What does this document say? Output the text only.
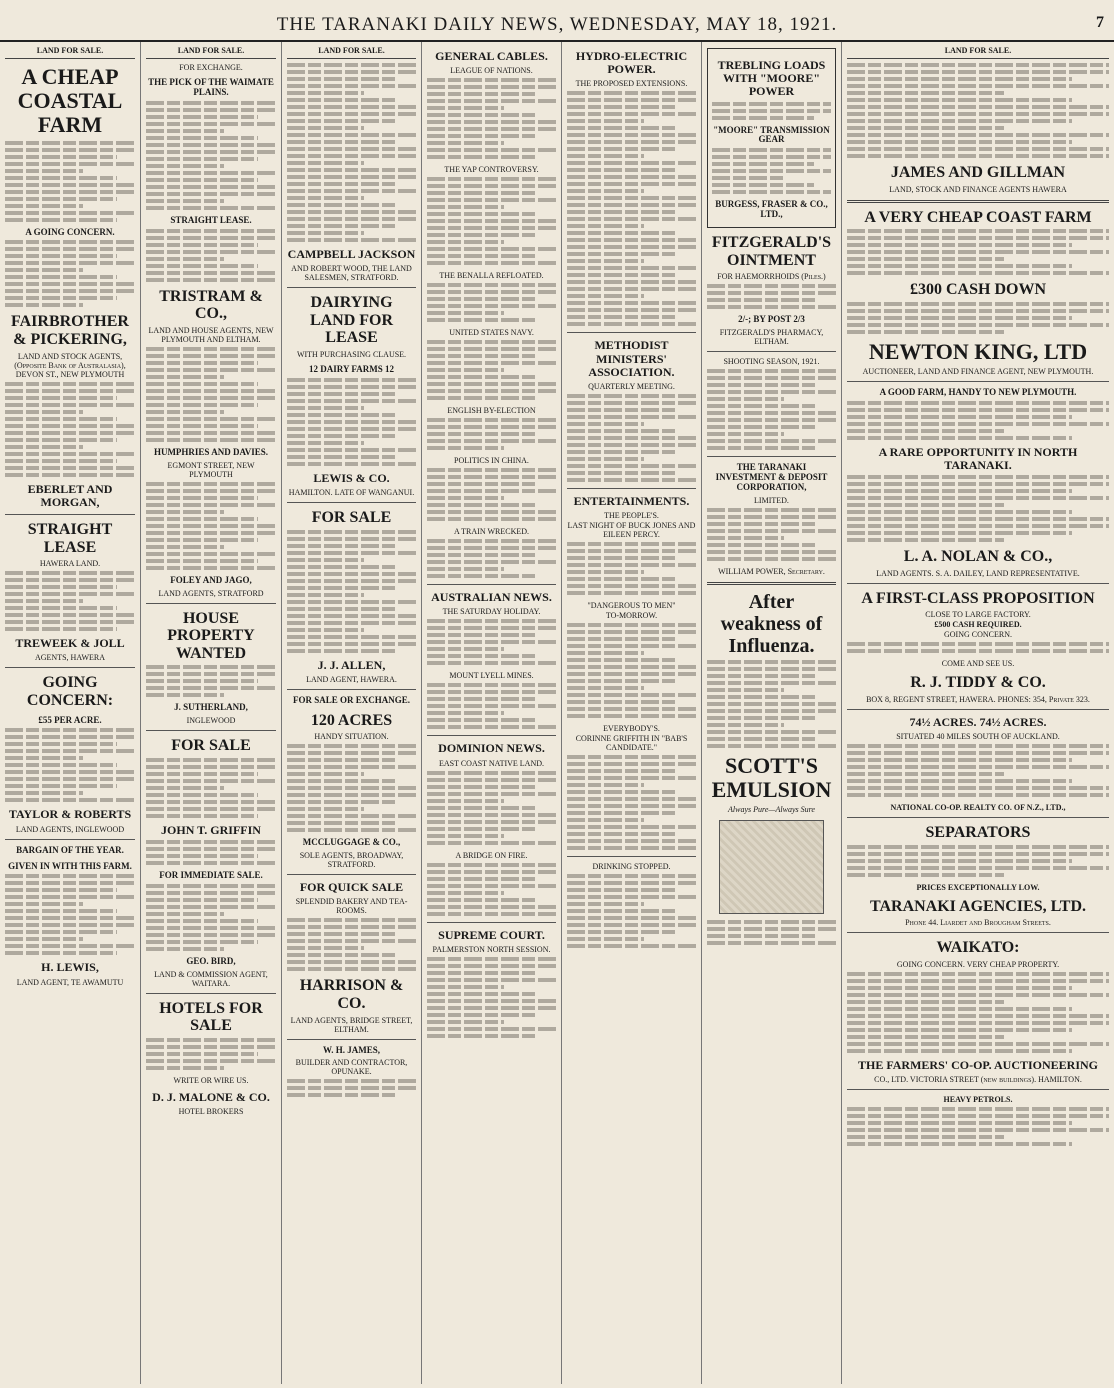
THE TARANAKI DAILY NEWS, WEDNESDAY, MAY 18, 1921.	7
LAND FOR SALE.
A CHEAP COASTAL FARM
A GOING CONCERN.
FAIRBROTHER & PICKERING,
LAND AND STOCK AGENTS, (Opposite Bank of Australasia), DEVON ST., NEW PLYMOUTH
EBERLET AND MORGAN,
STRAIGHT LEASE
HAWERA LAND.
TREWEEK & JOLL
AGENTS, HAWERA
GOING CONCERN:
£55 PER ACRE.
TAYLOR & ROBERTS
LAND AGENTS, INGLEWOOD
BARGAIN OF THE YEAR.
GIVEN IN WITH THIS FARM.
H. LEWIS,
LAND AGENT, TE AWAMUTU
LAND FOR SALE.
FOR EXCHANGE.
THE PICK OF THE WAIMATE PLAINS.
STRAIGHT LEASE.
TRISTRAM & CO.,
LAND AND HOUSE AGENTS, NEW PLYMOUTH AND ELTHAM.
HUMPHRIES AND DAVIES.
EGMONT STREET, NEW PLYMOUTH
FOLEY AND JAGO,
LAND AGENTS, STRATFORD
HOUSE PROPERTY WANTED
J. SUTHERLAND,
INGLEWOOD
FOR SALE
JOHN T. GRIFFIN
FOR IMMEDIATE SALE.
GEO. BIRD,
LAND & COMMISSION AGENT, WAITARA.
HOTELS FOR SALE
WRITE OR WIRE US.
D. J. MALONE & CO.
HOTEL BROKERS
LAND FOR SALE.
CAMPBELL JACKSON
AND ROBERT WOOD, THE LAND SALESMEN, STRATFORD.
DAIRYING LAND FOR LEASE
WITH PURCHASING CLAUSE.
12 DAIRY FARMS 12
LEWIS & CO.
HAMILTON. LATE OF WANGANUI.
FOR SALE
J. J. ALLEN,
LAND AGENT, HAWERA.
FOR SALE OR EXCHANGE.
120 ACRES
HANDY SITUATION.
MCCLUGGAGE & CO.,
SOLE AGENTS, BROADWAY, STRATFORD.
FOR QUICK SALE
SPLENDID BAKERY AND TEA-ROOMS.
HARRISON & CO.
LAND AGENTS, BRIDGE STREET, ELTHAM.
W. H. JAMES,
BUILDER AND CONTRACTOR, OPUNAKE.
GENERAL CABLES.
LEAGUE OF NATIONS.
THE YAP CONTROVERSY.
THE BENALLA REFLOATED.
UNITED STATES NAVY.
ENGLISH BY-ELECTION
POLITICS IN CHINA.
A TRAIN WRECKED.
AUSTRALIAN NEWS.
THE SATURDAY HOLIDAY.
MOUNT LYELL MINES.
DOMINION NEWS.
EAST COAST NATIVE LAND.
A BRIDGE ON FIRE.
SUPREME COURT.
PALMERSTON NORTH SESSION.
HYDRO-ELECTRIC POWER.
THE PROPOSED EXTENSIONS.
METHODIST MINISTERS' ASSOCIATION.
QUARTERLY MEETING.
ENTERTAINMENTS.
THE PEOPLE'S.
LAST NIGHT OF BUCK JONES AND EILEEN PERCY.
"DANGEROUS TO MEN"
TO-MORROW.
EVERYBODY'S.
CORINNE GRIFFITH IN "BAB'S CANDIDATE."
DRINKING STOPPED.
TREBLING LOADS WITH "MOORE" POWER
"MOORE" TRANSMISSION GEAR
BURGESS, FRASER & CO., LTD.,
FITZGERALD'S OINTMENT
FOR HAEMORRHOIDS (Piles.)
2/-; BY POST 2/3
FITZGERALD'S PHARMACY, ELTHAM.
SHOOTING SEASON, 1921.
THE TARANAKI INVESTMENT & DEPOSIT CORPORATION,
LIMITED.
WILLIAM POWER, Secretary.
After weakness of Influenza.
SCOTT'S EMULSION
Always Pure—Always Sure
LAND FOR SALE.
JAMES AND GILLMAN
LAND, STOCK AND FINANCE AGENTS HAWERA
A VERY CHEAP COAST FARM
£300 CASH DOWN
NEWTON KING, LTD
AUCTIONEER, LAND AND FINANCE AGENT, NEW PLYMOUTH.
A GOOD FARM, HANDY TO NEW PLYMOUTH.
A RARE OPPORTUNITY IN NORTH TARANAKI.
L. A. NOLAN & CO.,
LAND AGENTS. S. A. DAILEY, LAND REPRESENTATIVE.
A FIRST-CLASS PROPOSITION
CLOSE TO LARGE FACTORY.
£500 CASH REQUIRED.
GOING CONCERN.
COME AND SEE US.
R. J. TIDDY & CO.
BOX 8, REGENT STREET, HAWERA. PHONES: 354, Private 323.
74½ ACRES. 74½ ACRES.
SITUATED 40 MILES SOUTH OF AUCKLAND.
NATIONAL CO-OP. REALTY CO. OF N.Z., LTD.,
SEPARATORS
PRICES EXCEPTIONALLY LOW.
TARANAKI AGENCIES, LTD.
Phone 44. Liardet and Brougham Streets.
WAIKATO:
GOING CONCERN. VERY CHEAP PROPERTY.
THE FARMERS' CO-OP. AUCTIONEERING
CO., LTD. VICTORIA STREET (new buildings). HAMILTON.
HEAVY PETROLS.
